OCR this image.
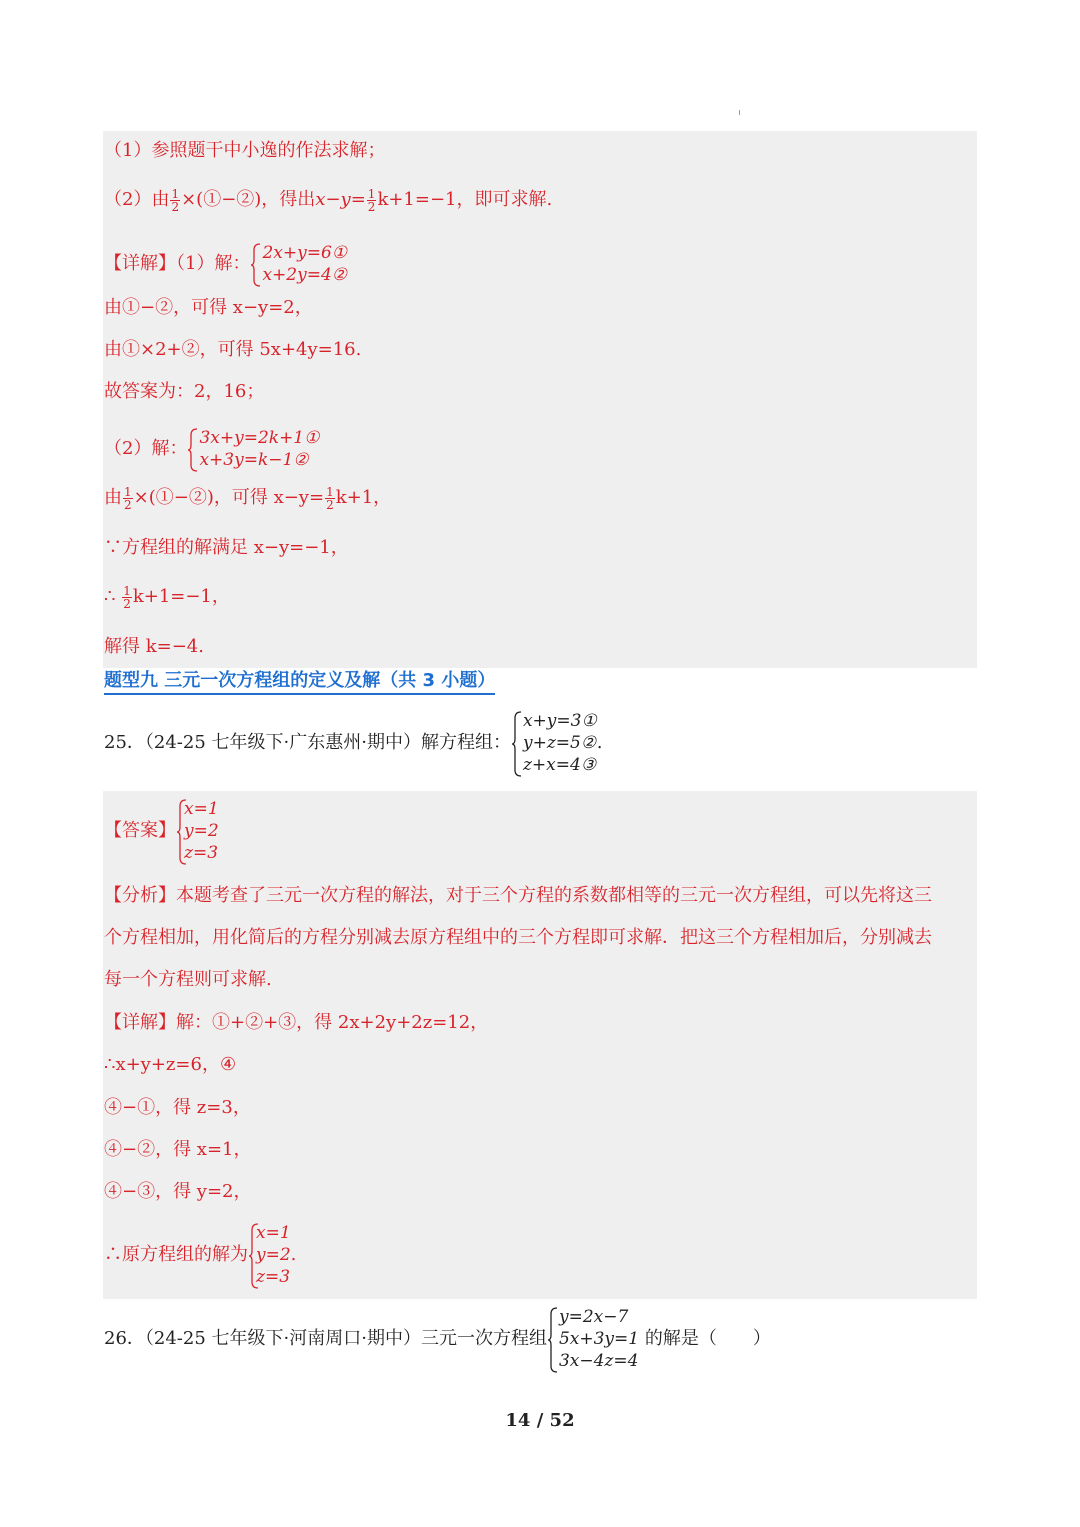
（1）参照题干中小逸的作法求解；
（2）由 $\frac{1}{2}$ ×(①−②)，得出$x-y= \frac{1}{2} k+1=-1$，即可求解.
【详解】（1）解： 2x+y=6①
x+2y=4②
由①−②，可得 x−y=2，
由①×2+②，可得 5x+4y=16.
故答案为：2，16；
（2）解： 3x+y=2k+1①
x+3y=k−1②
由 $\frac{1}{2}$ ×(①−②)，可得 $x-y= \frac{1}{2} k+1$，
∵方程组的解满足 x−y=−1，
∴ $\frac{1}{2} k+1=-1$，
解得 k=−4.
题型九 三元一次方程组的定义及解（共 3 小题）
25．（24-25 七年级下·广东惠州·期中）解方程组：
x+y=3①
y+z=5②
z+x=4③
.
【答案】
x=1
y=2
z=3
【分析】本题考查了三元一次方程的解法，对于三个方程的系数都相等的三元一次方程组，可以先将这三
个方程相加，用化简后的方程分别减去原方程组中的三个方程即可求解．把这三个方程相加后，分别减去
每一个方程则可求解.
【详解】解：①+②+③，得 2x+2y+2z=12，
∴x+y+z=6，④
④−①，得 z=3，
④−②，得 x=1，
④−③，得 y=2，
∴原方程组的解为
x=1
y=2
z=3
.
26．（24-25 七年级下·河南周口·期中）三元一次方程组
y=2x−7
5x+3y=1
3x−4z=4
的解是（　　）
14 / 52
